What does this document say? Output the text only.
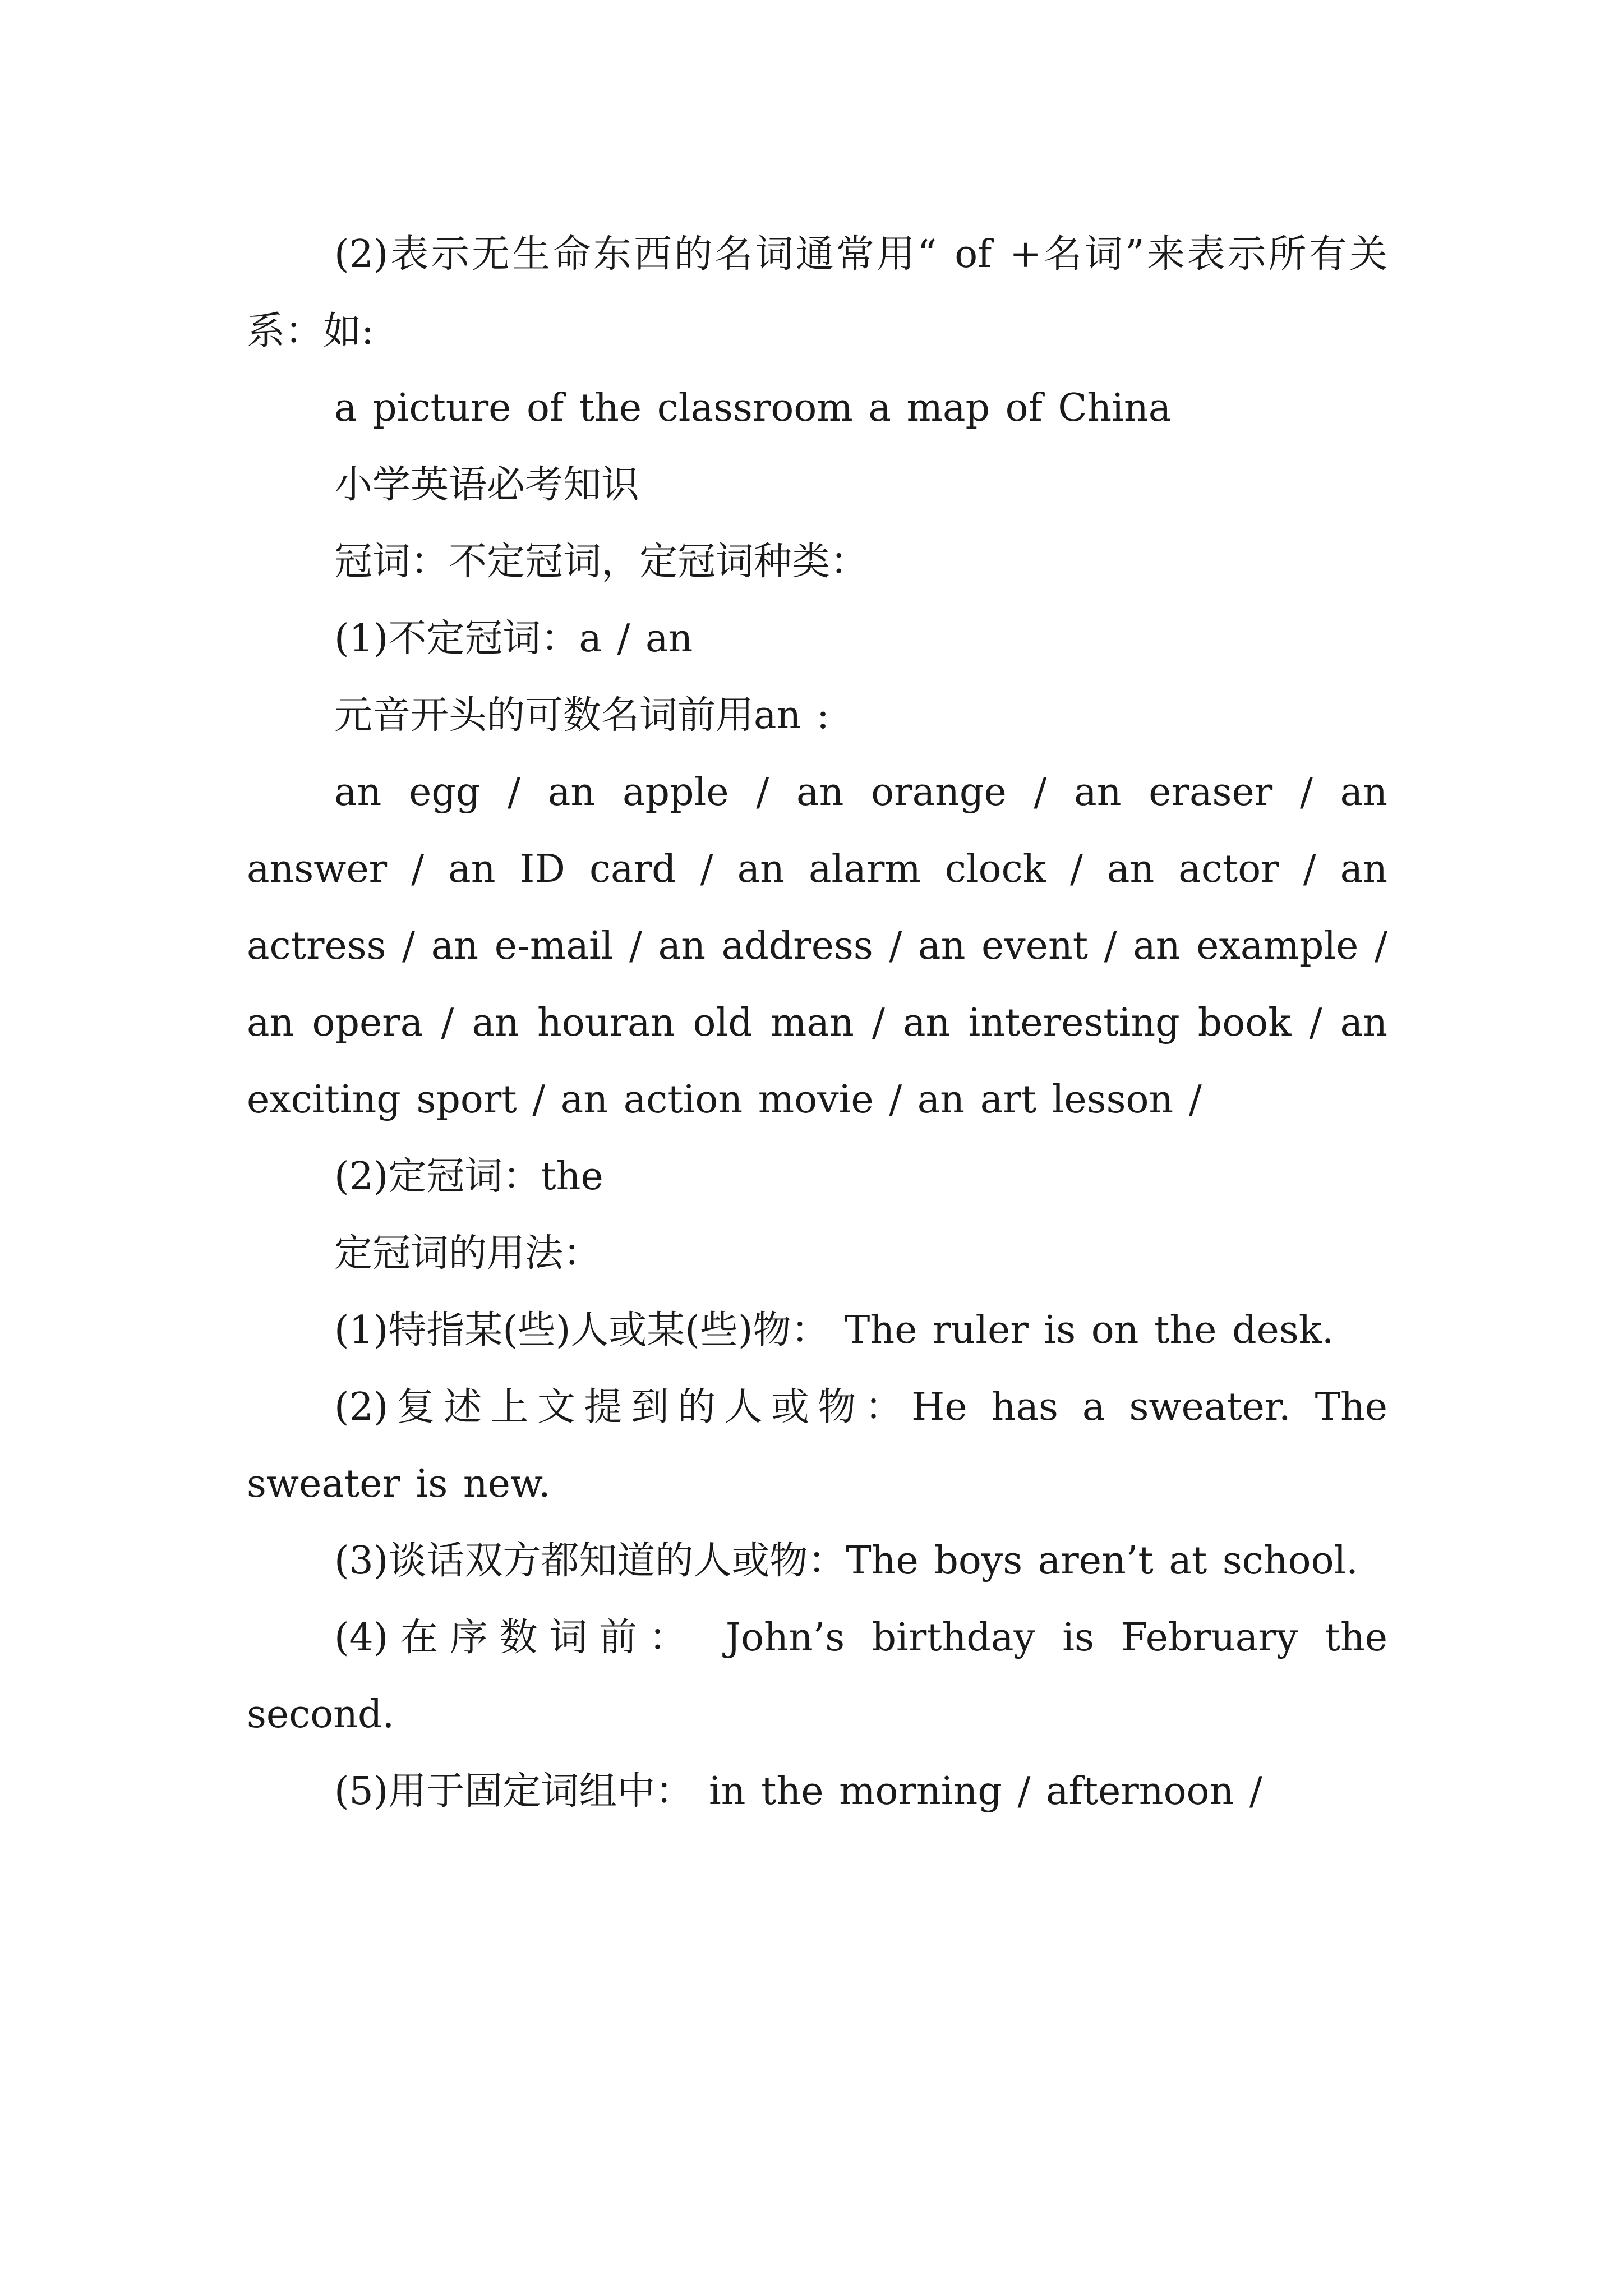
(2)表示无生命东西的名词通常用“ of +名词”来表示所有关系：如:

a picture of the classroom a map of China

小学英语必考知识

冠词：不定冠词，定冠词种类：

(1)不定冠词：a / an

元音开头的可数名词前用an :

an egg / an apple / an orange / an eraser / an answer / an ID card / an alarm clock / an actor / an actress / an e-mail / an address / an event / an example / an opera / an houran old man / an interesting book / an exciting sport / an action movie / an art lesson /

(2)定冠词：the

定冠词的用法：

(1)特指某(些)人或某(些)物： The ruler is on the desk.

(2)复述上文提到的人或物：He has a sweater. The sweater is new.

(3)谈话双方都知道的人或物：The boys aren’t at school.

(4)在序数词前： John’s birthday is February the second.

(5)用于固定词组中： in the morning / afternoon /
